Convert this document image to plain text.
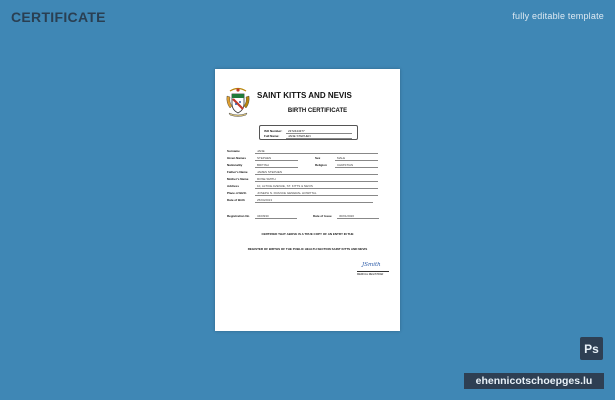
CERTIFICATE	fully editable template
SAINT KITTS AND NEVIS
BIRTH CERTIFICATE
ISO Number: 2372444377
Full Name:	JANE STEPHEN
Surname	JANE
Given Names	STEPHEN	Sex	MALE
Nationality	BRITISH	Religion	CHRISTIAN
Father's Name	JAMES STEPHEN
Mother's Name	ROSE SMITH
Address	10, ALTICE AVENUE, ST. KITTS & NEVIS
Place of Birth	JOSEPH N. FRANCE GENERAL HOSPITAL
Date of Birth	25/04/2013
Registration No	3403930	Date of Issue 30/01/2020
CERTIFIED THAT ABOVE IS A TRUE COPY OF AN ENTRY IN THE
REGISTER OF BIRTHS OF THE PUBLIC HEALTH SECTION SAINT KITTS AND NEVIS
JSmith
MEDICAL REGISTRAR
Ps
ehennicotschoepges.lu
